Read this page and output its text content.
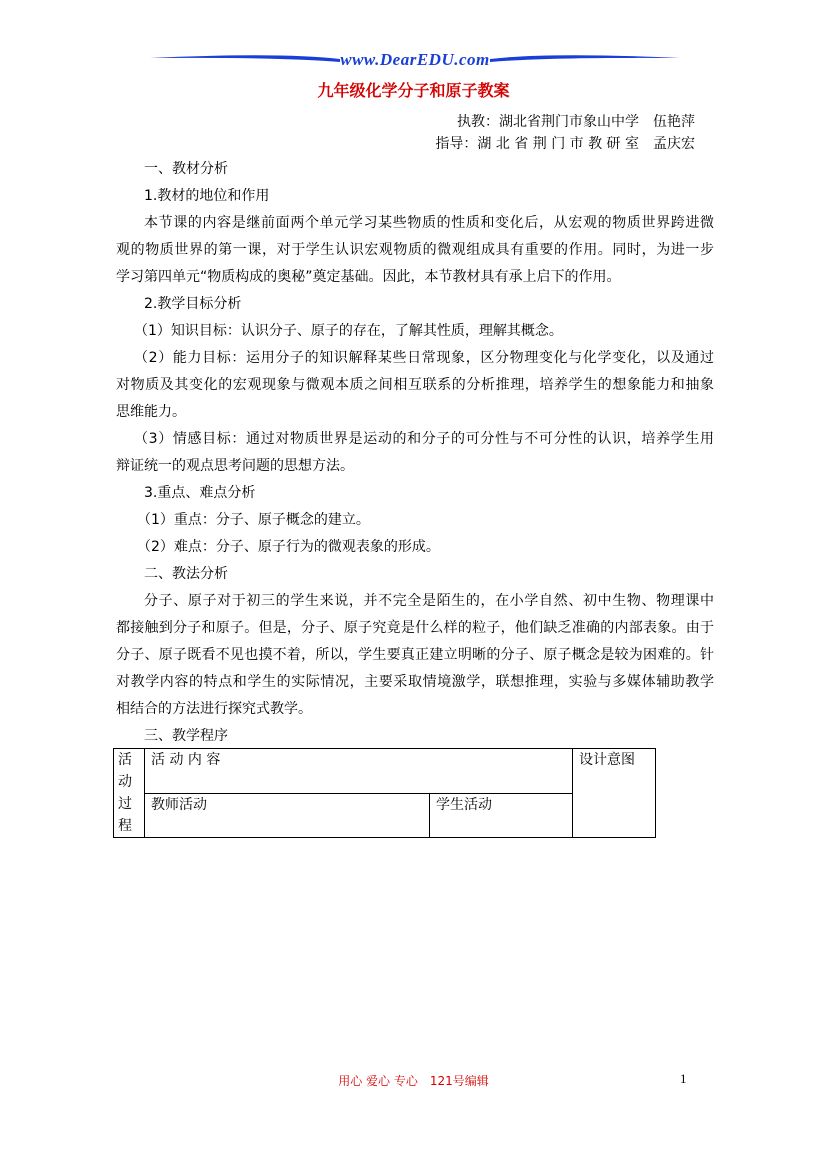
www.DearEDU.com
九年级化学分子和原子教案
执教：湖北省荆门市象山中学　伍艳萍
指导：湖 北 省 荆 门 市 教 研 室　孟庆宏
一、教材分析
1.教材的地位和作用
本节课的内容是继前面两个单元学习某些物质的性质和变化后，从宏观的物质世界跨进微
观的物质世界的第一课，对于学生认识宏观物质的微观组成具有重要的作用。同时，为进一步
学习第四单元“物质构成的奥秘”奠定基础。因此，本节教材具有承上启下的作用。
2.教学目标分析
（1）知识目标：认识分子、原子的存在，了解其性质，理解其概念。
（2）能力目标：运用分子的知识解释某些日常现象，区分物理变化与化学变化，以及通过
对物质及其变化的宏观现象与微观本质之间相互联系的分析推理，培养学生的想象能力和抽象
思维能力。
（3）情感目标：通过对物质世界是运动的和分子的可分性与不可分性的认识，培养学生用
辩证统一的观点思考问题的思想方法。
3.重点、难点分析
（1）重点：分子、原子概念的建立。
（2）难点：分子、原子行为的微观表象的形成。
二、教法分析
分子、原子对于初三的学生来说，并不完全是陌生的，在小学自然、初中生物、物理课中
都接触到分子和原子。但是，分子、原子究竟是什么样的粒子，他们缺乏准确的内部表象。由于
分子、原子既看不见也摸不着，所以，学生要真正建立明晰的分子、原子概念是较为困难的。针
对教学内容的特点和学生的实际情况，主要采取情境激学，联想推理，实验与多媒体辅助教学
相结合的方法进行探究式教学。
三、教学程序
活 动
过程	活 动 内 容		设计意图
	教师活动	学生活动	
用心 爱心 专心　121号编辑	1
